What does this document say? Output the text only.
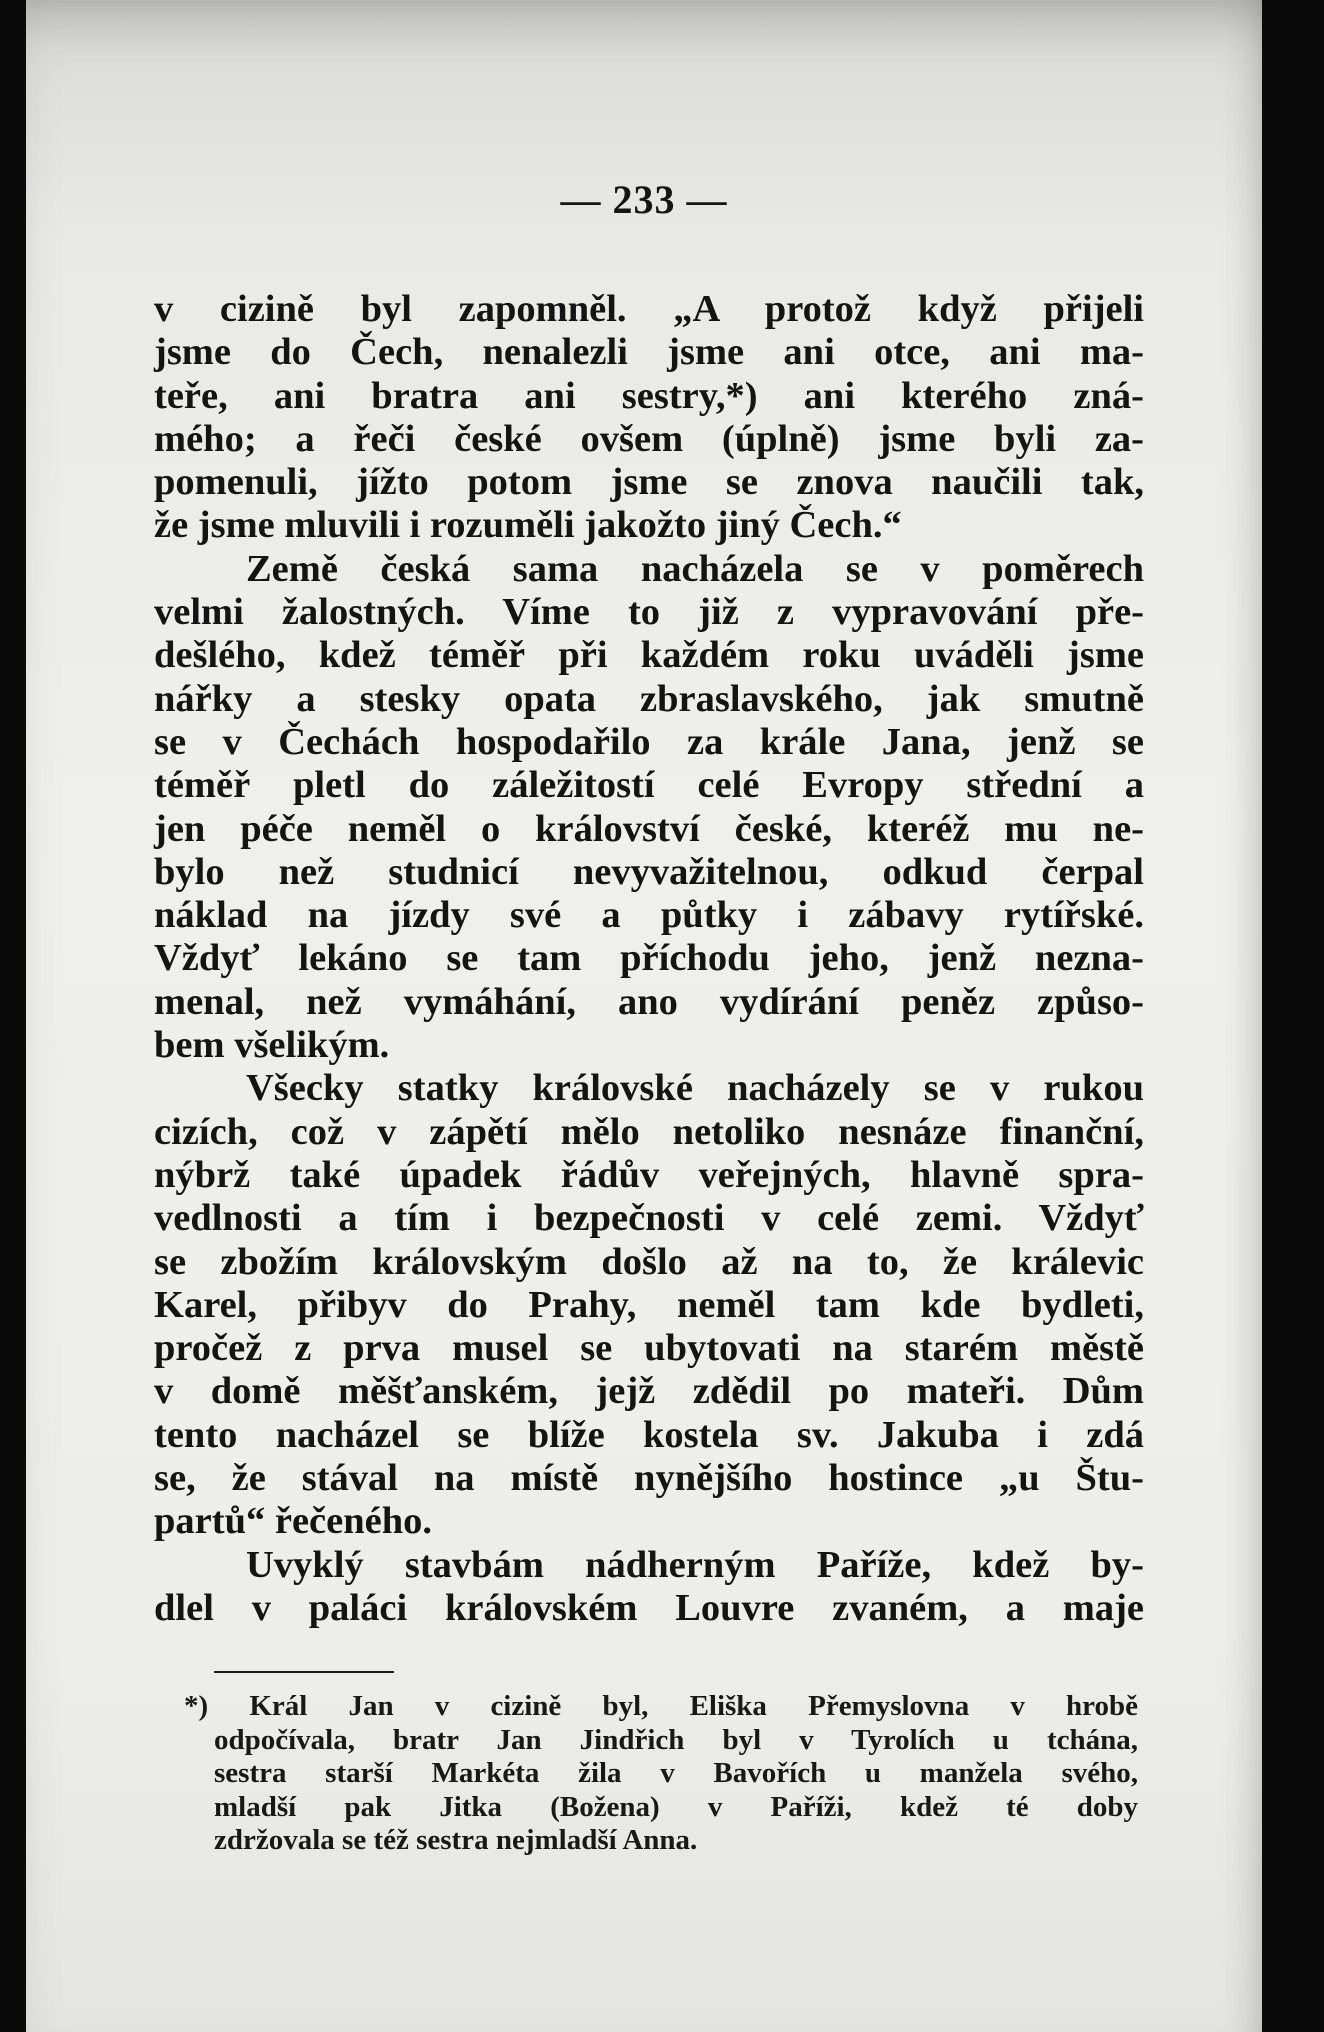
— 233 —
v cizině byl zapomněl. „A protož když přijeli
jsme do Čech, nenalezli jsme ani otce, ani ma-
teře, ani bratra ani sestry,*) ani kterého zná-
mého; a řeči české ovšem (úplně) jsme byli za-
pomenuli, jížto potom jsme se znova naučili tak,
že jsme mluvili i rozuměli jakožto jiný Čech.“
Země česká sama nacházela se v poměrech
velmi žalostných. Víme to již z vypravování pře-
dešlého, kdež téměř při každém roku uváděli jsme
nářky a stesky opata zbraslavského, jak smutně
se v Čechách hospodařilo za krále Jana, jenž se
téměř pletl do záležitostí celé Evropy střední a
jen péče neměl o království české, kteréž mu ne-
bylo než studnicí nevyvažitelnou, odkud čerpal
náklad na jízdy své a půtky i zábavy rytířské.
Vždyť lekáno se tam příchodu jeho, jenž nezna-
menal, než vymáhání, ano vydírání peněz způso-
bem všelikým.
Všecky statky královské nacházely se v rukou
cizích, což v zápětí mělo netoliko nesnáze finanční,
nýbrž také úpadek řádův veřejných, hlavně spra-
vedlnosti a tím i bezpečnosti v celé zemi. Vždyť
se zbožím královským došlo až na to, že králevic
Karel, přibyv do Prahy, neměl tam kde bydleti,
pročež z prva musel se ubytovati na starém městě
v domě měšťanském, jejž zdědil po mateři. Dům
tento nacházel se blíže kostela sv. Jakuba i zdá
se, že stával na místě nynějšího hostince „u Štu-
partů“ řečeného.
Uvyklý stavbám nádherným Paříže, kdež by-
dlel v paláci královském Louvre zvaném, a maje
*) Král Jan v cizině byl, Eliška Přemyslovna v hrobě
odpočívala, bratr Jan Jindřich byl v Tyrolích u tchána,
sestra starší Markéta žila v Bavořích u manžela svého,
mladší pak Jitka (Božena) v Paříži, kdež té doby
zdržovala se též sestra nejmladší Anna.
